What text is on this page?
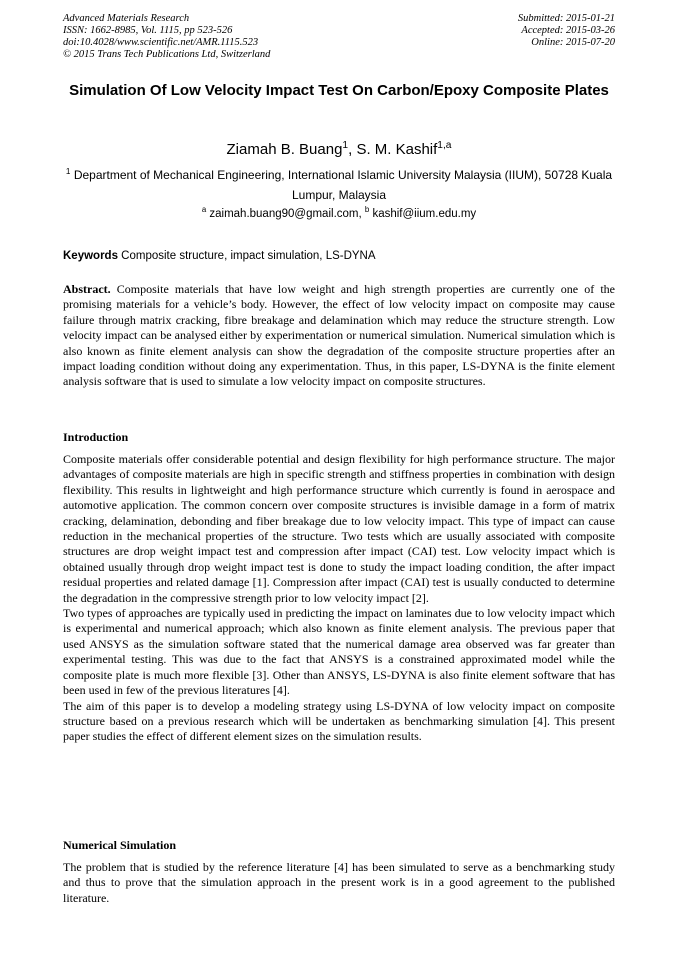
Advanced Materials Research
ISSN: 1662-8985, Vol. 1115, pp 523-526
doi:10.4028/www.scientific.net/AMR.1115.523
© 2015 Trans Tech Publications Ltd, Switzerland
Submitted: 2015-01-21
Accepted: 2015-03-26
Online: 2015-07-20
Simulation Of Low Velocity Impact Test On Carbon/Epoxy Composite Plates
Ziamah B. Buang$^1$, S. M. Kashif$^{1,a}$
$^1$ Department of Mechanical Engineering, International Islamic University Malaysia (IIUM), 50728 Kuala Lumpur, Malaysia
$^a$ zaimah.buang90@gmail.com, $^b$ kashif@iium.edu.my
Keywords Composite structure, impact simulation, LS-DYNA

Abstract. Composite materials that have low weight and high strength properties are currently one of the promising materials for a vehicle’s body. However, the effect of low velocity impact on composite may cause failure through matrix cracking, fibre breakage and delamination which may reduce the structure strength. Low velocity impact can be analysed either by experimentation or numerical simulation. Numerical simulation which is also known as finite element analysis can show the degradation of the composite structure properties after an impact loading condition without doing any experimentation. Thus, in this paper, LS-DYNA is the finite element analysis software that is used to simulate a low velocity impact on composite structures.

Introduction

Composite materials offer considerable potential and design flexibility for high performance structure. The major advantages of composite materials are high in specific strength and stiffness properties in combination with design flexibility. This results in lightweight and high performance structure which currently is found in aerospace and automotive application. The common concern over composite structures is invisible damage in a form of matrix cracking, delamination, debonding and fiber breakage due to low velocity impact. This type of impact can cause reduction in the mechanical properties of the structure. Two tests which are usually associated with composite structures are drop weight impact test and compression after impact (CAI) test. Low velocity impact which is obtained usually through drop weight impact test is done to study the impact loading condition, the after impact residual properties and related damage [1]. Compression after impact (CAI) test is usually conducted to determine the degradation in the compressive strength prior to low velocity impact [2].

Two types of approaches are typically used in predicting the impact on laminates due to low velocity impact which is experimental and numerical approach; which also known as finite element analysis. The previous paper that used ANSYS as the simulation software stated that the numerical damage area observed was far greater than experimental testing. This was due to the fact that ANSYS is a constrained approximated model while the composite plate is much more flexible [3]. Other than ANSYS, LS-DYNA is also finite element software that has been used in few of the previous literatures [4].

The aim of this paper is to develop a modeling strategy using LS-DYNA of low velocity impact on composite structure based on a previous research which will be undertaken as benchmarking simulation [4]. This present paper studies the effect of different element sizes on the simulation results.

Numerical Simulation

The problem that is studied by the reference literature [4] has been simulated to serve as a benchmarking study and thus to prove that the simulation approach in the present work is in a good agreement to the published literature.
